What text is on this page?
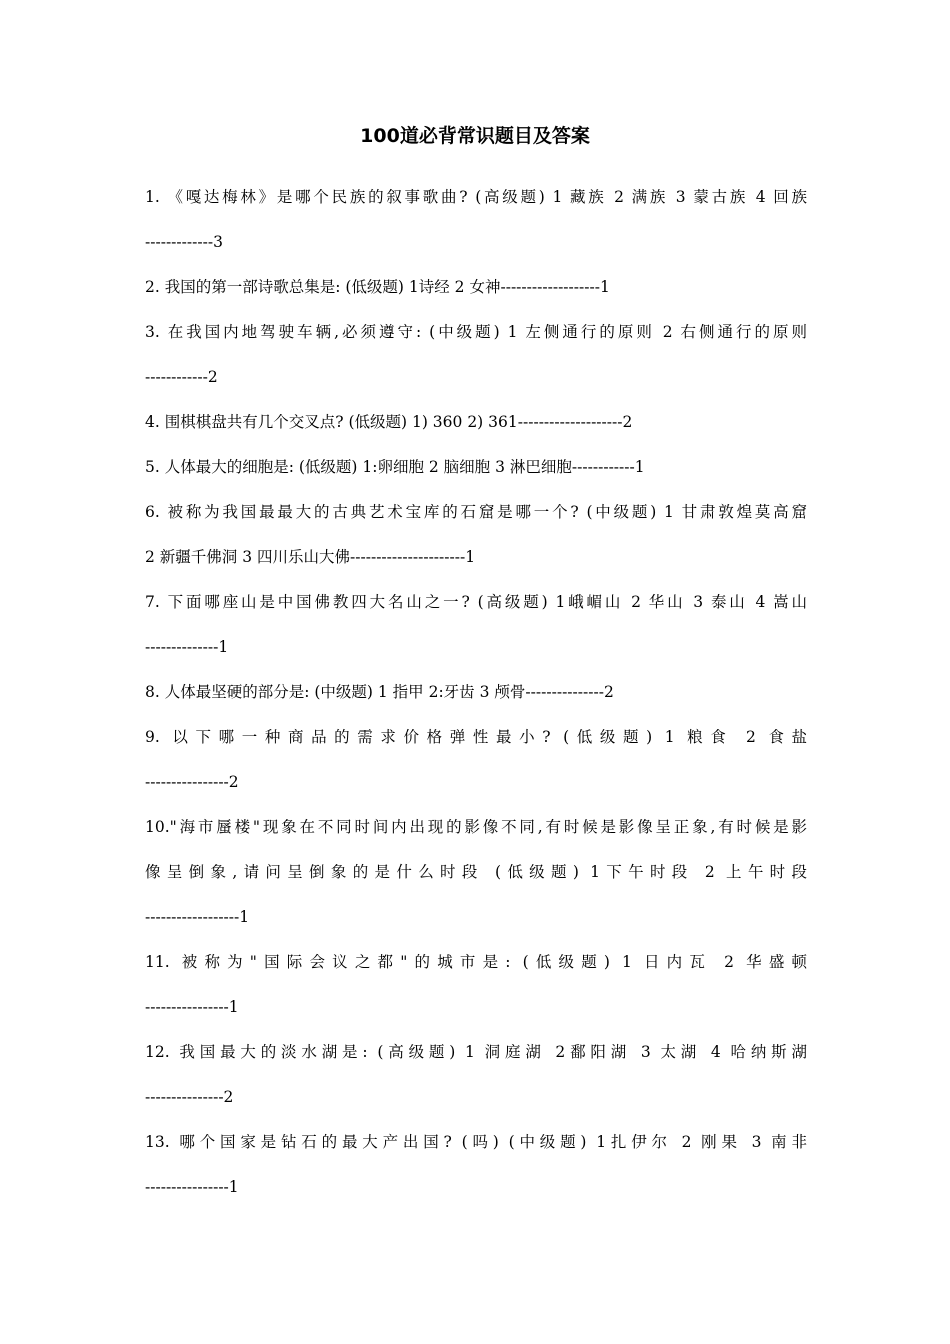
100道必背常识题目及答案
1. 《嘎达梅林》是哪个民族的叙事歌曲? (高级题) 1 藏族 2 满族 3 蒙古族 4 回族
-------------3
2. 我国的第一部诗歌总集是: (低级题) 1诗经 2 女神-------------------1
3. 在我国内地驾驶车辆,必须遵守: (中级题) 1 左侧通行的原则 2 右侧通行的原则
------------2
4. 围棋棋盘共有几个交叉点? (低级题) 1) 360 2) 361--------------------2
5. 人体最大的细胞是: (低级题) 1:卵细胞 2 脑细胞 3 淋巴细胞------------1
6. 被称为我国最最大的古典艺术宝库的石窟是哪一个? (中级题) 1 甘肃敦煌莫高窟
2 新疆千佛洞 3 四川乐山大佛----------------------1
7. 下面哪座山是中国佛教四大名山之一? (高级题) 1峨嵋山 2 华山 3 泰山 4 嵩山
--------------1
8. 人体最坚硬的部分是: (中级题) 1 指甲 2:牙齿 3 颅骨---------------2
9. 以下哪一种商品的需求价格弹性最小? (低级题) 1 粮食 2 食盐
----------------2
10."海市蜃楼"现象在不同时间内出现的影像不同,有时候是影像呈正象,有时候是影
像呈倒象,请问呈倒象的是什么时段 (低级题) 1下午时段 2 上午时段
------------------1
11. 被称为"国际会议之都"的城市是: (低级题) 1 日内瓦 2 华盛顿
----------------1
12. 我国最大的淡水湖是: (高级题) 1 洞庭湖 2鄱阳湖 3 太湖 4 哈纳斯湖
---------------2
13. 哪个国家是钻石的最大产出国? (吗) (中级题) 1扎伊尔 2 刚果 3 南非
----------------1
